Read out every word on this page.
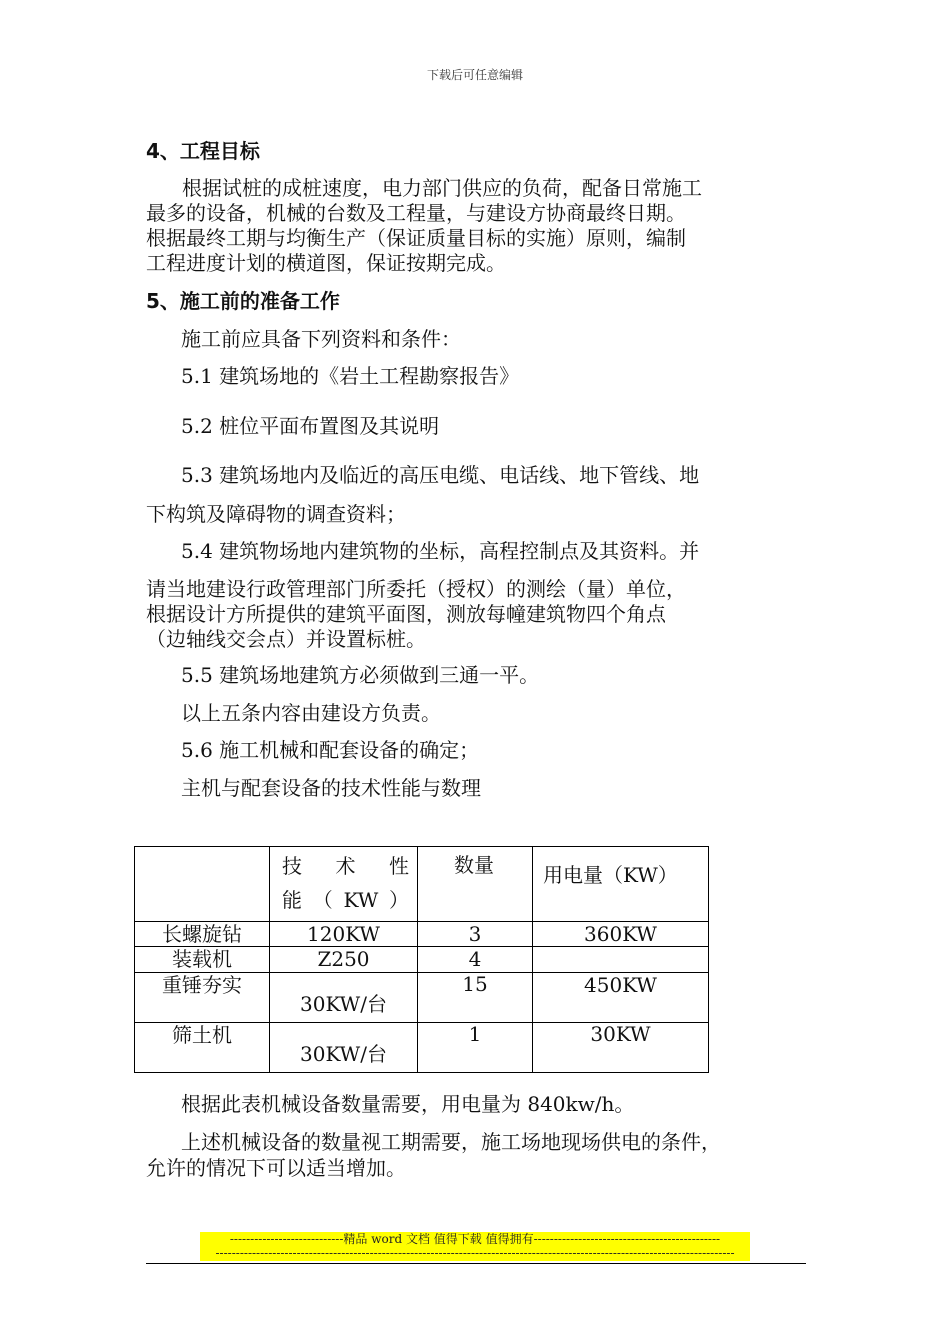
下载后可任意编辑
4、工程目标
根据试桩的成桩速度，电力部门供应的负荷，配备日常施工
最多的设备，机械的台数及工程量，与建设方协商最终日期。
根据最终工期与均衡生产（保证质量目标的实施）原则，编制
工程进度计划的横道图，保证按期完成。
5、施工前的准备工作
施工前应具备下列资料和条件：
5.1 建筑场地的《岩土工程勘察报告》
5.2 桩位平面布置图及其说明
5.3 建筑场地内及临近的高压电缆、电话线、地下管线、地
下构筑及障碍物的调查资料；
5.4 建筑物场地内建筑物的坐标，高程控制点及其资料。并
请当地建设行政管理部门所委托（授权）的测绘（量）单位，
根据设计方所提供的建筑平面图，测放每幢建筑物四个角点
（边轴线交会点）并设置标桩。
5.5 建筑场地建筑方必须做到三通一平。
以上五条内容由建设方负责。
5.6 施工机械和配套设备的确定；
主机与配套设备的技术性能与数理

	技　术　性　能（KW）	数量	用电量（KW）

长螺旋钻	120KW	3	360KW
装载机	Z250	4	
重锤夯实	30KW/台	15	450KW
筛土机	30KW/台	1	30KW
根据此表机械设备数量需要，用电量为 840kw/h。
上述机械设备的数量视工期需要，施工场地现场供电的条件，
允许的情况下可以适当增加。
----------------------------精品 word 文档 值得下载 值得拥有----------------------------------------------
--------------------------------------------------------------------------------------------------------------------------------
